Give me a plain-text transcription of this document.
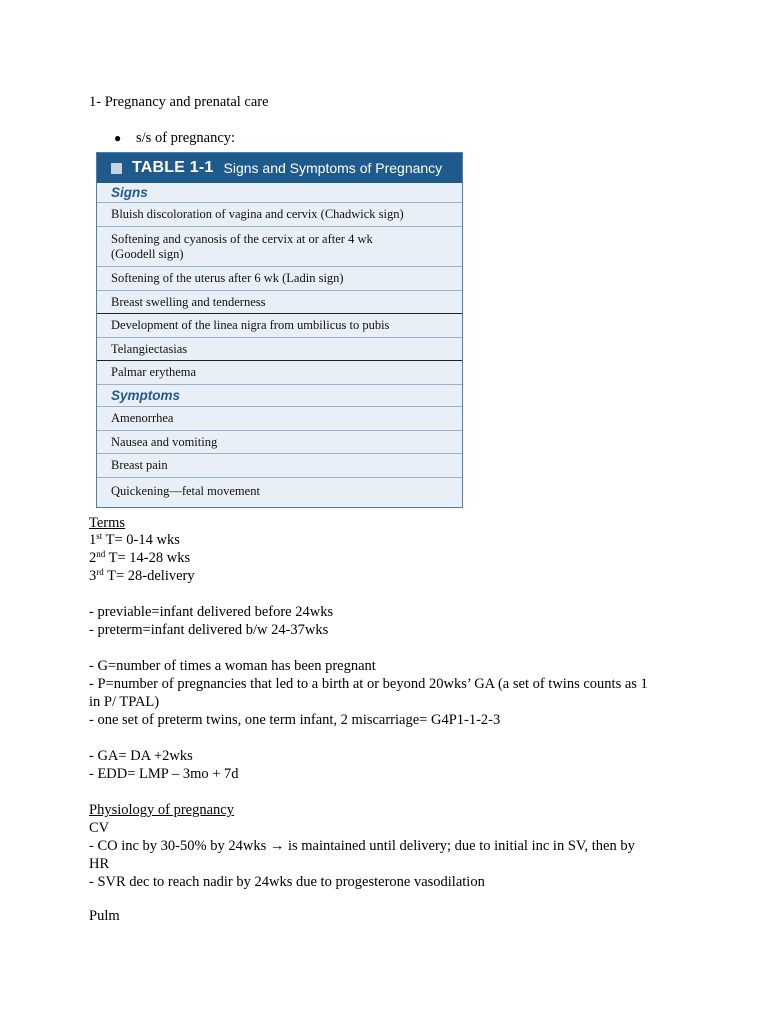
1- Pregnancy and prenatal care
● s/s of pregnancy:
TABLE 1-1 Signs and Symptoms of Pregnancy
Signs
Bluish discoloration of vagina and cervix (Chadwick sign)
Softening and cyanosis of the cervix at or after 4 wk
(Goodell sign)
Softening of the uterus after 6 wk (Ladin sign)
Breast swelling and tenderness
Development of the linea nigra from umbilicus to pubis
Telangiectasias
Palmar erythema
Symptoms
Amenorrhea
Nausea and vomiting
Breast pain
Quickening—fetal movement
Terms
1st T= 0-14 wks
2nd T= 14-28 wks
3rd T= 28-delivery
- previable=infant delivered before 24wks
- preterm=infant delivered b/w 24-37wks
- G=number of times a woman has been pregnant
- P=number of pregnancies that led to a birth at or beyond 20wks’ GA (a set of twins counts as 1
in P/ TPAL)
- one set of preterm twins, one term infant, 2 miscarriage= G4P1-1-2-3
- GA= DA +2wks
- EDD= LMP – 3mo + 7d
Physiology of pregnancy
CV
- CO inc by 30-50% by 24wks → is maintained until delivery; due to initial inc in SV, then by
HR
- SVR dec to reach nadir by 24wks due to progesterone vasodilation
Pulm
